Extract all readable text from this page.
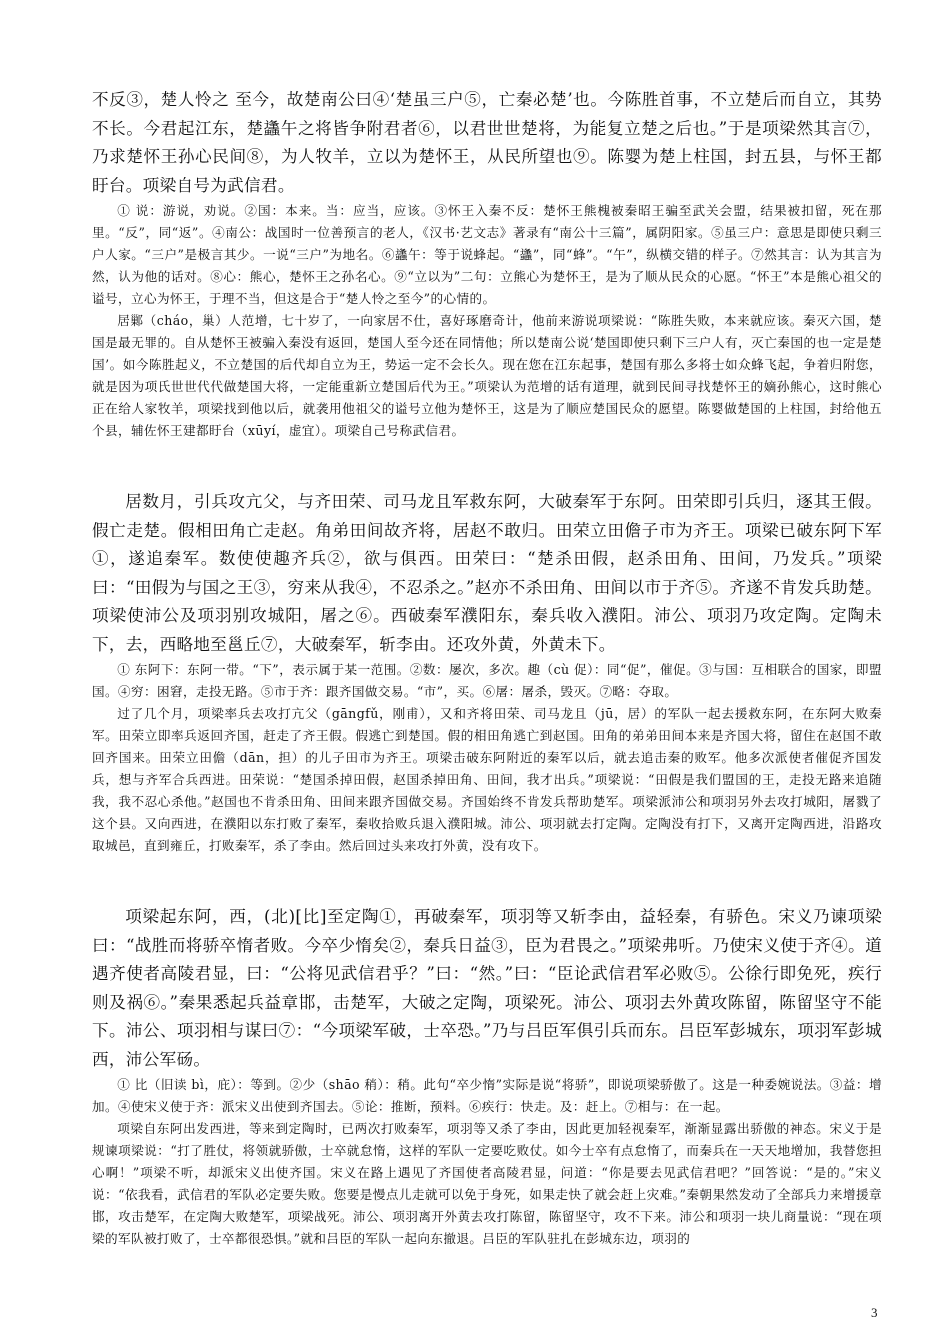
不反③，楚人怜之 至今，故楚南公曰④‘楚虽三户⑤，亡秦必楚’也。今陈胜首事，不立楚后而自立，其势不长。今君起江东，楚蠭午之将皆争附君者⑥，以君世世楚将，为能复立楚之后也。”于是项梁然其言⑦，乃求楚怀王孙心民间⑧，为人牧羊，立以为楚怀王，从民所望也⑨。陈婴为楚上柱国，封五县，与怀王都盱台。项梁自号为武信君。

① 说：游说，劝说。②国：本来。当：应当，应该。③怀王入秦不反：楚怀王熊槐被秦昭王骗至武关会盟，结果被扣留，死在那里。“反”，同“返”。④南公：战国时一位善预言的老人，《汉书·艺文志》著录有“南公十三篇”，属阴阳家。⑤虽三户：意思是即使只剩三户人家。“三户”是极言其少。一说“三户”为地名。⑥蠭午：等于说蜂起。“蠭”，同“蜂”。“午”，纵横交错的样子。⑦然其言：认为其言为然，认为他的话对。⑧心：熊心，楚怀王之孙名心。⑨“立以为”二句：立熊心为楚怀王，是为了顺从民众的心愿。“怀王”本是熊心祖父的谥号，立心为怀王，于理不当，但这是合于“楚人怜之至今”的心情的。

居鄛（cháo，巢）人范增，七十岁了，一向家居不仕，喜好琢磨奇计，他前来游说项梁说：“陈胜失败，本来就应该。秦灭六国，楚国是最无罪的。自从楚怀王被骗入秦没有返回，楚国人至今还在同情他；所以楚南公说‘楚国即使只剩下三户人有，灭亡秦国的也一定是楚国’。如今陈胜起义，不立楚国的后代却自立为王，势运一定不会长久。现在您在江东起事，楚国有那么多将士如众蜂飞起，争着归附您，就是因为项氏世世代代做楚国大将，一定能重新立楚国后代为王。”项梁认为范增的话有道理，就到民间寻找楚怀王的嫡孙熊心，这时熊心正在给人家牧羊，项梁找到他以后，就袭用他祖父的谥号立他为楚怀王，这是为了顺应楚国民众的愿望。陈婴做楚国的上柱国，封给他五个县，辅佐怀王建都盱台（xūyí，虚宜）。项梁自己号称武信君。

居数月，引兵攻亢父，与齐田荣、司马龙且军救东阿，大破秦军于东阿。田荣即引兵归，逐其王假。假亡走楚。假相田角亡走赵。角弟田间故齐将，居赵不敢归。田荣立田儋子市为齐王。项梁已破东阿下军①，遂追秦军。数使使趣齐兵②，欲与俱西。田荣曰：“楚杀田假，赵杀田角、田间，乃发兵。”项梁曰：“田假为与国之王③，穷来从我④，不忍杀之。”赵亦不杀田角、田间以市于齐⑤。齐遂不肯发兵助楚。项梁使沛公及项羽别攻城阳，屠之⑥。西破秦军濮阳东，秦兵收入濮阳。沛公、项羽乃攻定陶。定陶未下，去，西略地至邕丘⑦，大破秦军，斩李由。还攻外黄，外黄未下。

① 东阿下：东阿一带。“下”，表示属于某一范围。②数：屡次，多次。趣（cù 促）：同“促”，催促。③与国：互相联合的国家，即盟国。④穷：困窘，走投无路。⑤市于齐：跟齐国做交易。“市”，买。⑥屠：屠杀，毁灭。⑦略：夺取。

过了几个月，项梁率兵去攻打亢父（gāngfǔ，刚甫），又和齐将田荣、司马龙且（jū，居）的军队一起去援救东阿，在东阿大败秦军。田荣立即率兵返回齐国，赶走了齐王假。假逃亡到楚国。假的相田角逃亡到赵国。田角的弟弟田间本来是齐国大将，留住在赵国不敢回齐国来。田荣立田儋（dān，担）的儿子田市为齐王。项梁击破东阿附近的秦军以后，就去追击秦的败军。他多次派使者催促齐国发兵，想与齐军合兵西进。田荣说：“楚国杀掉田假，赵国杀掉田角、田间，我才出兵。”项梁说：“田假是我们盟国的王，走投无路来追随我，我不忍心杀他。”赵国也不肯杀田角、田间来跟齐国做交易。齐国始终不肯发兵帮助楚军。项梁派沛公和项羽另外去攻打城阳，屠戮了这个县。又向西进，在濮阳以东打败了秦军，秦收拾败兵退入濮阳城。沛公、项羽就去打定陶。定陶没有打下，又离开定陶西进，沿路攻取城邑，直到雍丘，打败秦军，杀了李由。然后回过头来攻打外黄，没有攻下。

项梁起东阿，西，(北)[比]至定陶①，再破秦军，项羽等又斩李由，益轻秦，有骄色。宋义乃谏项梁曰：“战胜而将骄卒惰者败。今卒少惰矣②，秦兵日益③，臣为君畏之。”项梁弗听。乃使宋义使于齐④。道遇齐使者高陵君显，曰：“公将见武信君乎？”曰：“然。”曰：“臣论武信君军必败⑤。公徐行即免死，疾行则及祸⑥。”秦果悉起兵益章邯，击楚军，大破之定陶，项梁死。沛公、项羽去外黄攻陈留，陈留坚守不能下。沛公、项羽相与谋曰⑦：“今项梁军破，士卒恐。”乃与吕臣军俱引兵而东。吕臣军彭城东，项羽军彭城西，沛公军砀。

① 比（旧读 bì，庇）：等到。②少（shāo 稍）：稍。此句“卒少惰”实际是说“将骄”，即说项梁骄傲了。这是一种委婉说法。③益：增加。④使宋义使于齐：派宋义出使到齐国去。⑤论：推断，预料。⑥疾行：快走。及：赶上。⑦相与：在一起。

项梁自东阿出发西进，等来到定陶时，已两次打败秦军，项羽等又杀了李由，因此更加轻视秦军，渐渐显露出骄傲的神态。宋义于是规谏项梁说：“打了胜仗，将领就骄傲，士卒就怠惰，这样的军队一定要吃败仗。如今士卒有点怠惰了，而秦兵在一天天地增加，我替您担心啊！”项梁不听，却派宋义出使齐国。宋义在路上遇见了齐国使者高陵君显，问道：“你是要去见武信君吧？”回答说：“是的。”宋义说：“依我看，武信君的军队必定要失败。您要是慢点儿走就可以免于身死，如果走快了就会赶上灾难。”秦朝果然发动了全部兵力来增援章邯，攻击楚军，在定陶大败楚军，项梁战死。沛公、项羽离开外黄去攻打陈留，陈留坚守，攻不下来。沛公和项羽一块儿商量说：“现在项梁的军队被打败了，士卒都很恐惧。”就和吕臣的军队一起向东撤退。吕臣的军队驻扎在彭城东边，项羽的

3
